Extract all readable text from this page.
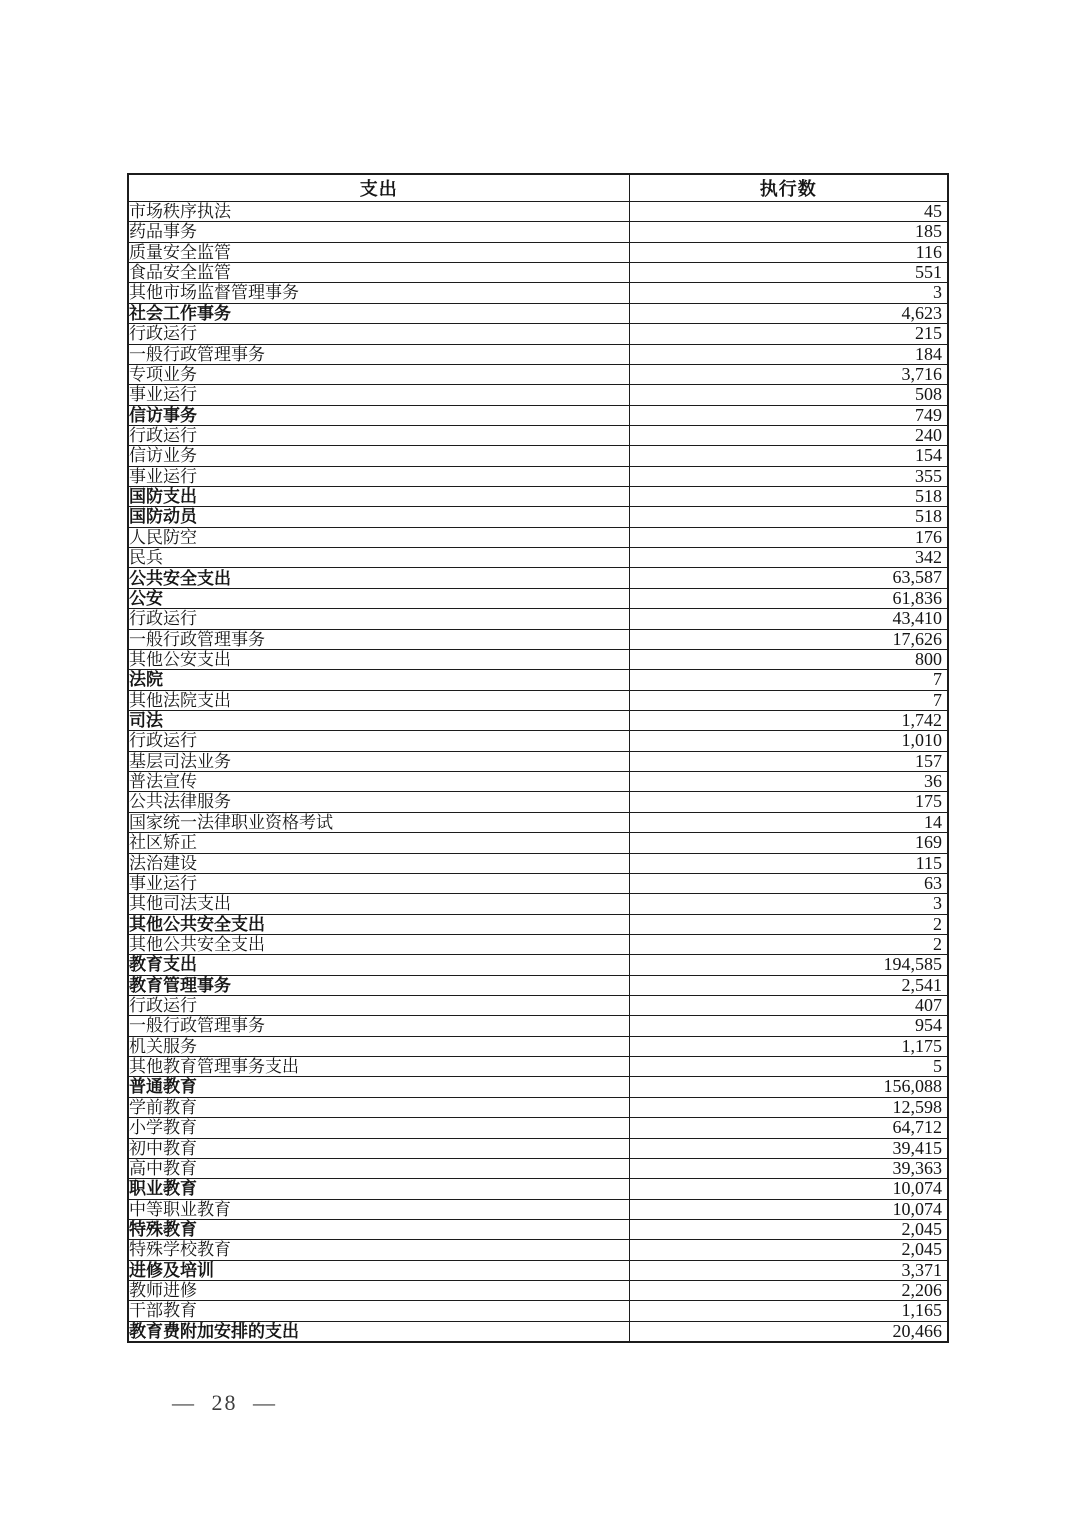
支出	执行数
市场秩序执法	45
药品事务	185
质量安全监管	116
食品安全监管	551
其他市场监督管理事务	3
社会工作事务	4,623
行政运行	215
一般行政管理事务	184
专项业务	3,716
事业运行	508
信访事务	749
行政运行	240
信访业务	154
事业运行	355
国防支出	518
国防动员	518
人民防空	176
民兵	342
公共安全支出	63,587
公安	61,836
行政运行	43,410
一般行政管理事务	17,626
其他公安支出	800
法院	7
其他法院支出	7
司法	1,742
行政运行	1,010
基层司法业务	157
普法宣传	36
公共法律服务	175
国家统一法律职业资格考试	14
社区矫正	169
法治建设	115
事业运行	63
其他司法支出	3
其他公共安全支出	2
其他公共安全支出	2
教育支出	194,585
教育管理事务	2,541
行政运行	407
一般行政管理事务	954
机关服务	1,175
其他教育管理事务支出	5
普通教育	156,088
学前教育	12,598
小学教育	64,712
初中教育	39,415
高中教育	39,363
职业教育	10,074
中等职业教育	10,074
特殊教育	2,045
特殊学校教育	2,045
进修及培训	3,371
教师进修	2,206
干部教育	1,165
教育费附加安排的支出	20,466
— 28 —
